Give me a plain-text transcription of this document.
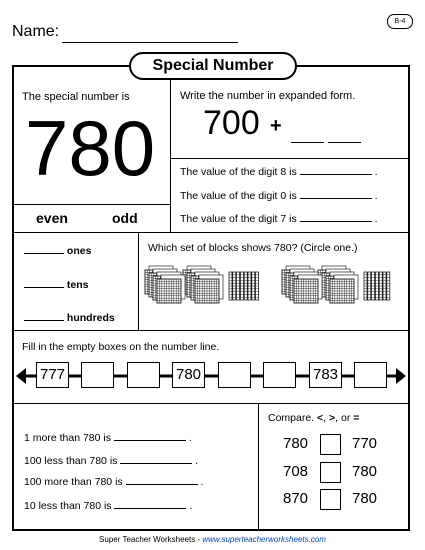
B-4
Name:
Special Number
The special number is
780
even	odd
Write the number in expanded form.
700 +
The value of the digit 8 is	.
The value of the digit 0 is	.
The value of the digit 7 is	.
ones
tens
hundreds
Which set of blocks shows 780? (Circle one.)
Fill in the empty boxes on the number line.
777	780	783
1 more than 780 is	.
100 less than 780 is	.
100 more than 780 is	.
10 less than 780 is	.
Compare. <, >, or =
780	770
708	780
870	780
Super Teacher Worksheets - www.superteacherworksheets.com
